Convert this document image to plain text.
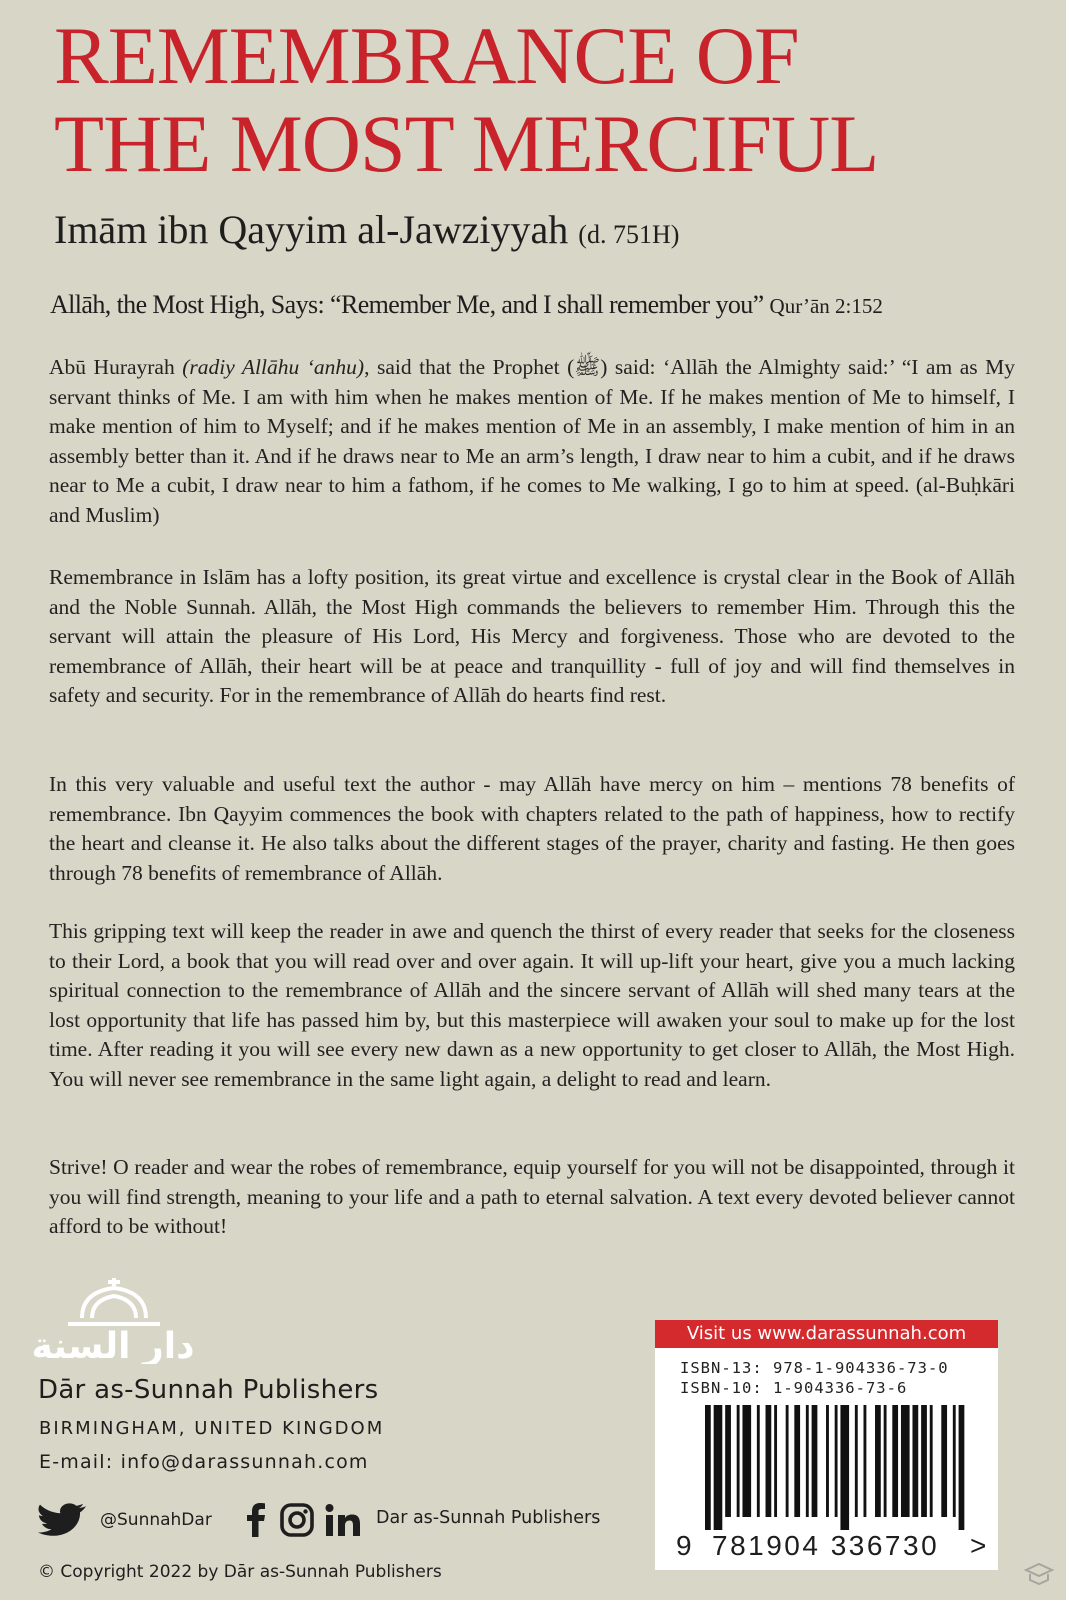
REMEMBRANCE OF
THE MOST MERCIFUL
Imām ibn Qayyim al-Jawziyyah (d. 751H)
Allāh, the Most High, Says: “Remember Me, and I shall remember you” Qur’ān 2:152

Abū Hurayrah (radiy Allāhu ‘anhu), said that the Prophet (ﷺ) said: ‘Allāh the Almighty said:’ “I am as My servant thinks of Me. I am with him when he makes mention of Me. If he makes mention of Me to himself, I make mention of him to Myself; and if he makes mention of Me in an assembly, I make mention of him in an assembly better than it. And if he draws near to Me an arm’s length, I draw near to him a cubit, and if he draws near to Me a cubit, I draw near to him a fathom, if he comes to Me walking, I go to him at speed. (al-Buḥkāri and Muslim)

Remembrance in Islām has a lofty position, its great virtue and excellence is crystal clear in the Book of Allāh and the Noble Sunnah. Allāh, the Most High commands the believers to remember Him. Through this the servant will attain the pleasure of His Lord, His Mercy and forgiveness. Those who are devoted to the remembrance of Allāh, their heart will be at peace and tranquillity - full of joy and will find themselves in safety and security. For in the remembrance of Allāh do hearts find rest.

In this very valuable and useful text the author - may Allāh have mercy on him – mentions 78 benefits of remembrance. Ibn Qayyim commences the book with chapters related to the path of happiness, how to rectify the heart and cleanse it. He also talks about the different stages of the prayer, charity and fasting. He then goes through 78 benefits of remembrance of Allāh.

This gripping text will keep the reader in awe and quench the thirst of every reader that seeks for the closeness to their Lord, a book that you will read over and over again. It will up-lift your heart, give you a much lacking spiritual connection to the remembrance of Allāh and the sincere servant of Allāh will shed many tears at the lost opportunity that life has passed him by, but this masterpiece will awaken your soul to make up for the lost time. After reading it you will see every new dawn as a new opportunity to get closer to Allāh, the Most High. You will never see remembrance in the same light again, a delight to read and learn.

Strive! O reader and wear the robes of remembrance, equip yourself for you will not be disappointed, through it you will find strength, meaning to your life and a path to eternal salvation. A text every devoted believer cannot afford to be without!

دار السنة
Dār as-Sunnah Publishers
BIRMINGHAM, UNITED KINGDOM
E-mail: info@darassunnah.com
@SunnahDar	Dar as-Sunnah Publishers
© Copyright 2022 by Dār as-Sunnah Publishers
Visit us www.darassunnah.com
ISBN-13: 978-1-904336-73-0
ISBN-10: 1-904336-73-6
9 781904 336730 >
